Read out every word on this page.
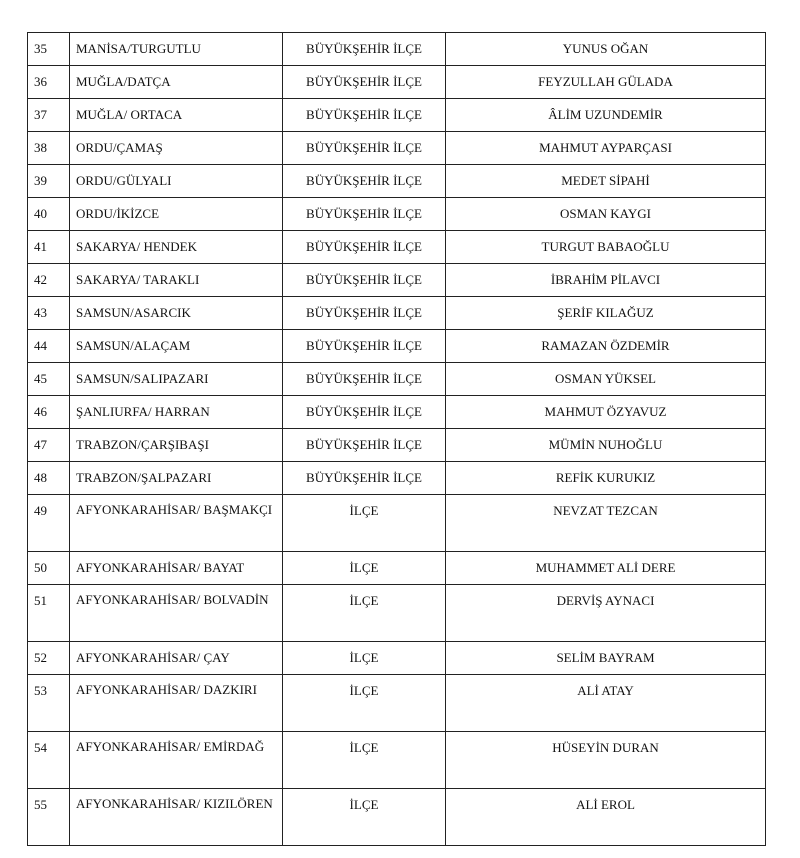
35	MANİSA/TURGUTLU	BÜYÜKŞEHİR İLÇE	YUNUS OĞAN
36	MUĞLA/DATÇA	BÜYÜKŞEHİR İLÇE	FEYZULLAH GÜLADA
37	MUĞLA/ ORTACA	BÜYÜKŞEHİR İLÇE	ÂLİM UZUNDEMİR
38	ORDU/ÇAMAŞ	BÜYÜKŞEHİR İLÇE	MAHMUT AYPARÇASI
39	ORDU/GÜLYALI	BÜYÜKŞEHİR İLÇE	MEDET SİPAHİ
40	ORDU/İKİZCE	BÜYÜKŞEHİR İLÇE	OSMAN KAYGI
41	SAKARYA/ HENDEK	BÜYÜKŞEHİR İLÇE	TURGUT BABAOĞLU
42	SAKARYA/ TARAKLI	BÜYÜKŞEHİR İLÇE	İBRAHİM PİLAVCI
43	SAMSUN/ASARCIK	BÜYÜKŞEHİR İLÇE	ŞERİF KILAĞUZ
44	SAMSUN/ALAÇAM	BÜYÜKŞEHİR İLÇE	RAMAZAN ÖZDEMİR
45	SAMSUN/SALIPAZARI	BÜYÜKŞEHİR İLÇE	OSMAN YÜKSEL
46	ŞANLIURFA/ HARRAN	BÜYÜKŞEHİR İLÇE	MAHMUT ÖZYAVUZ
47	TRABZON/ÇARŞIBAŞI	BÜYÜKŞEHİR İLÇE	MÜMİN NUHOĞLU
48	TRABZON/ŞALPAZARI	BÜYÜKŞEHİR İLÇE	REFİK KURUKIZ
49	AFYONKARAHİSAR/ BAŞMAKÇI	İLÇE	NEVZAT TEZCAN
50	AFYONKARAHİSAR/ BAYAT	İLÇE	MUHAMMET ALİ DERE
51	AFYONKARAHİSAR/ BOLVADİN	İLÇE	DERVİŞ AYNACI
52	AFYONKARAHİSAR/ ÇAY	İLÇE	SELİM BAYRAM
53	AFYONKARAHİSAR/ DAZKIRI	İLÇE	ALİ ATAY
54	AFYONKARAHİSAR/ EMİRDAĞ	İLÇE	HÜSEYİN DURAN
55	AFYONKARAHİSAR/ KIZILÖREN	İLÇE	ALİ EROL
